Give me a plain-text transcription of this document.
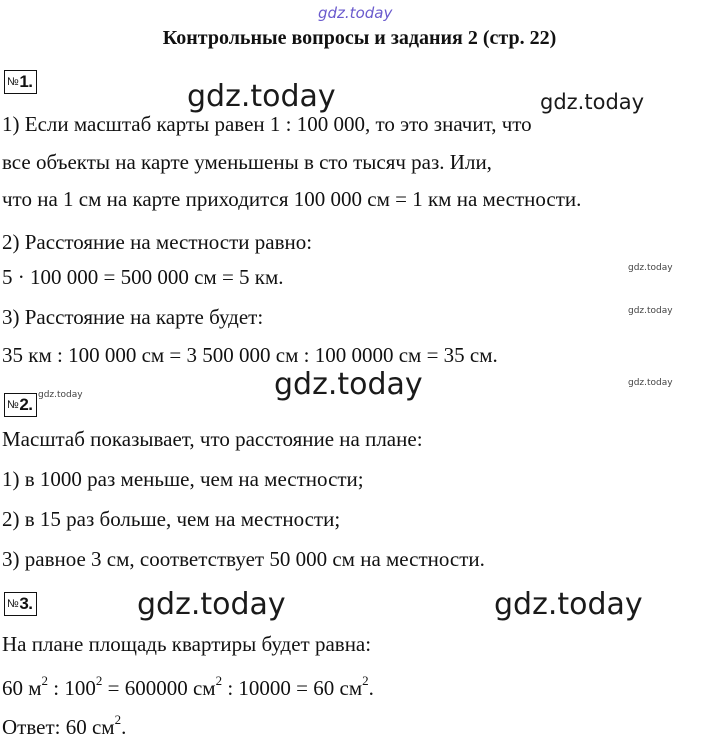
gdz.today
gdz.today	gdz.today
gdz.today
gdz.today
gdz.today	gdz.today
gdz.today
gdz.today	gdz.today
Контрольные вопросы и задания 2 (стр. 22)
№1.
1) Если масштаб карты равен 1 : 100 000, то это значит, что
все объекты на карте уменьшены в сто тысяч раз. Или,
что на 1 см на карте приходится 100 000 см = 1 км на местности.
2) Расстояние на местности равно:
5 · 100 000 = 500 000 см = 5 км.
3) Расстояние на карте будет:
35 км : 100 000 см = 3 500 000 см : 100 0000 см = 35 см.
№2.
Масштаб показывает, что расстояние на плане:
1) в 1000 раз меньше, чем на местности;
2) в 15 раз больше, чем на местности;
3) равное 3 см, соответствует 50 000 см на местности.
№3.
На плане площадь квартиры будет равна:
60 $м^2$ : $100^2 = 600000$ $см^2$ : 10000 = 60 $см^2$.
Ответ: 60 $см^2$.
